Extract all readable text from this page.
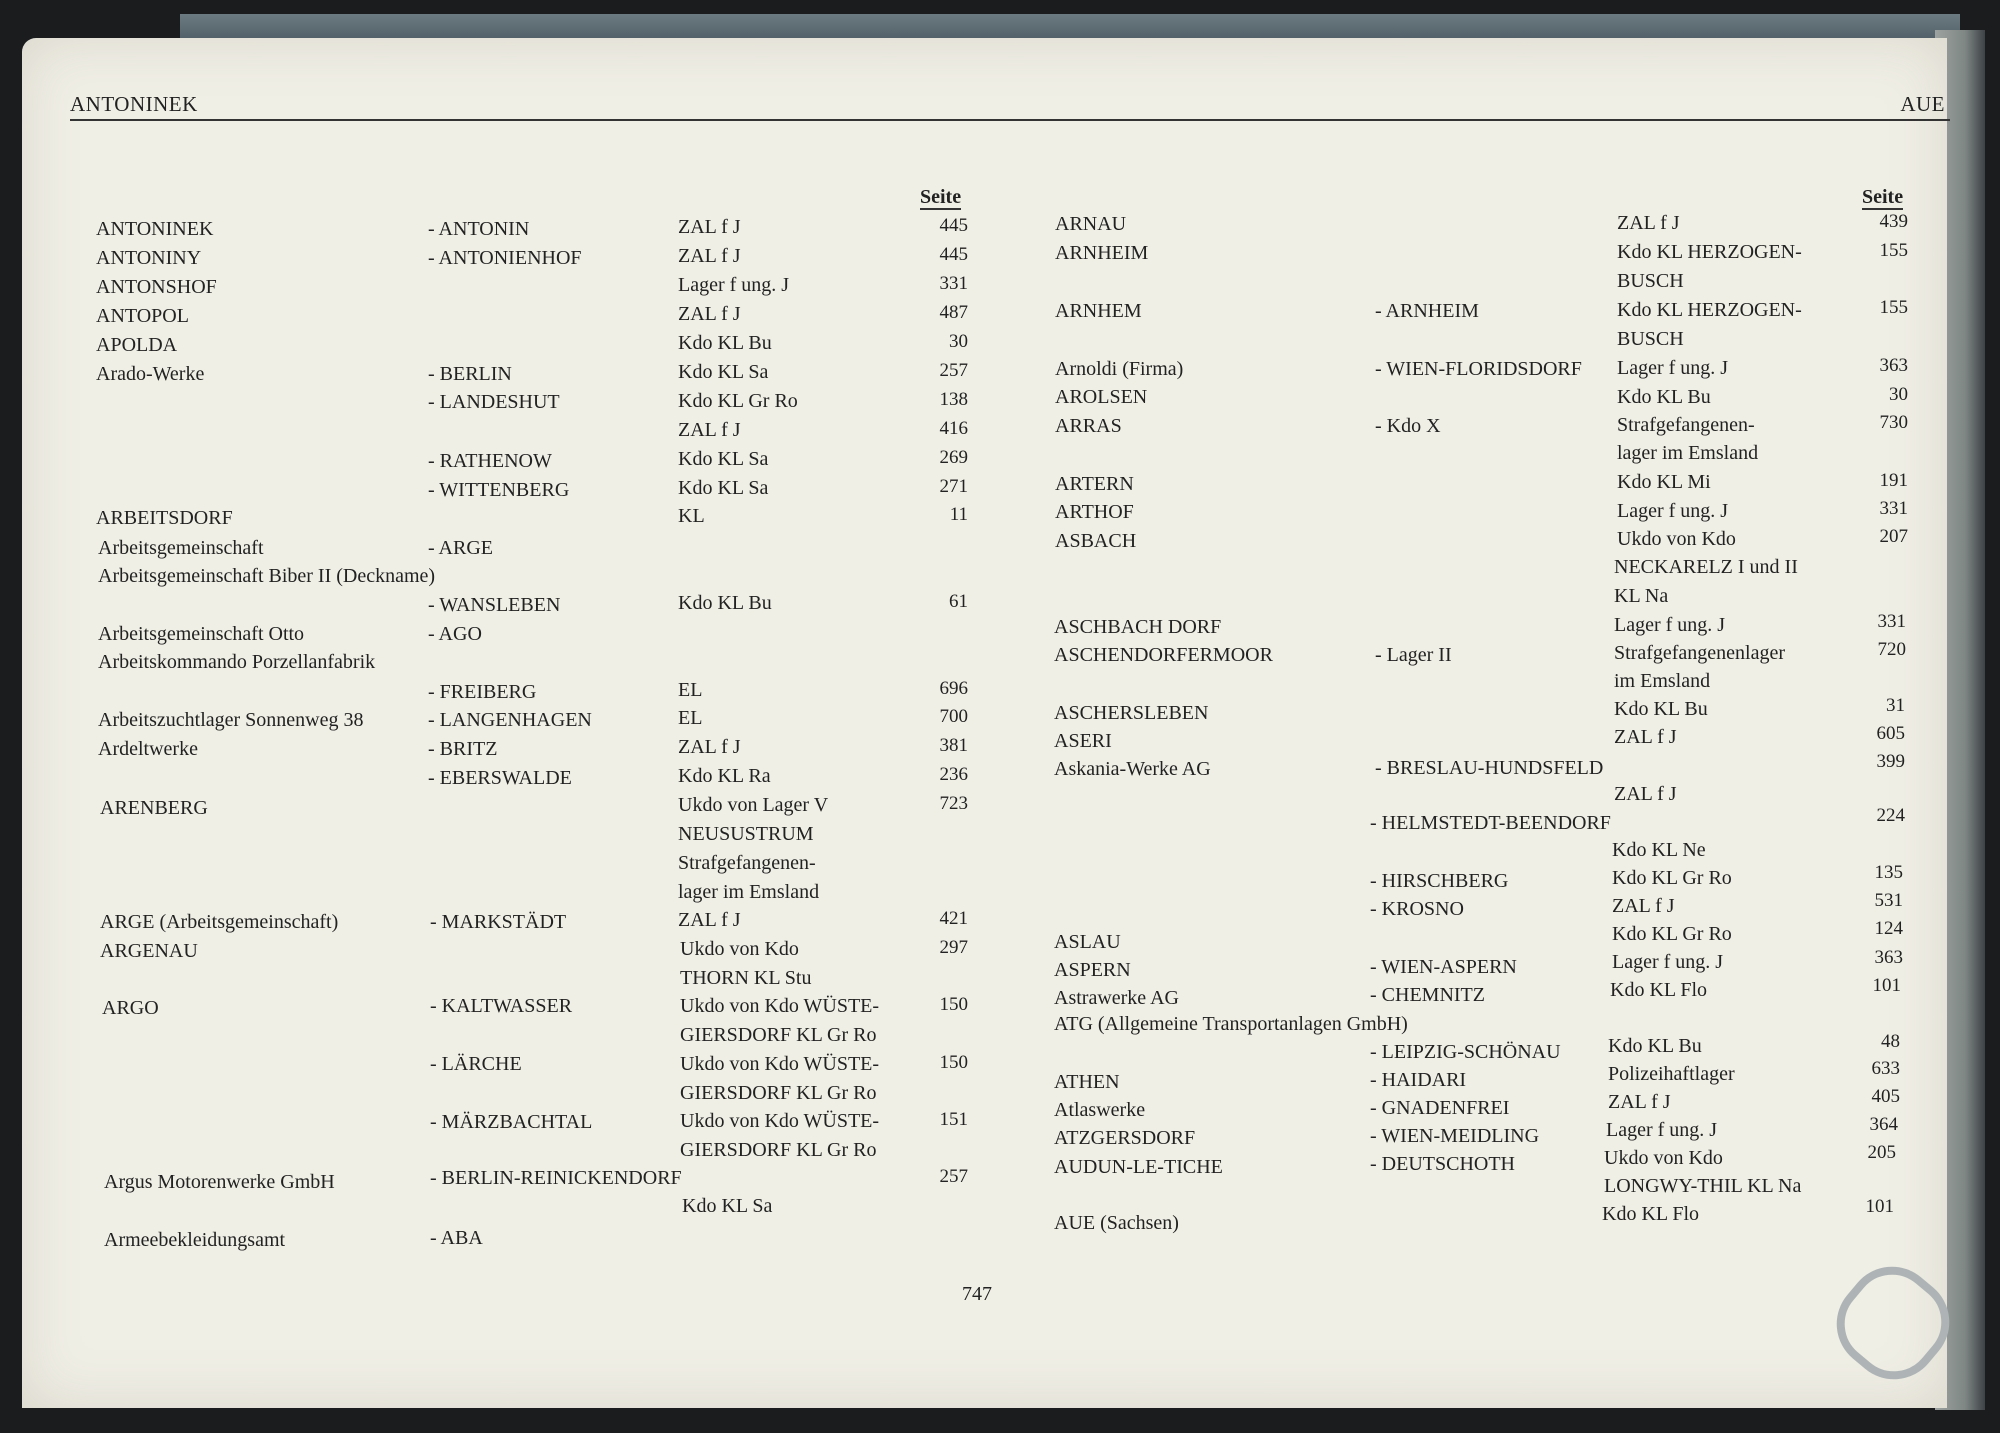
ANTONINEK	AUE
Seite	Seite
ANTONINEK
ANTONINY
ANTONSHOF
ANTOPOL
APOLDA
Arado-Werke
ARBEITSDORF
Arbeitsgemeinschaft
Arbeitsgemeinschaft Biber II (Deckname)
Arbeitsgemeinschaft Otto
Arbeitskommando Porzellanfabrik
Arbeitszuchtlager Sonnenweg 38
Ardeltwerke
ARENBERG
ARGE (Arbeitsgemeinschaft)
ARGENAU
ARGO
Argus Motorenwerke GmbH
Armeebekleidungsamt
- ANTONIN
- ANTONIENHOF
- BERLIN
- LANDESHUT
- RATHENOW
- WITTENBERG
- ARGE
- WANSLEBEN
- AGO
- FREIBERG
- LANGENHAGEN
- BRITZ
- EBERSWALDE
- MARKSTÄDT
- KALTWASSER
- LÄRCHE
- MÄRZBACHTAL
- BERLIN-REINICKENDORF
- ABA
ZAL f J
ZAL f J
Lager f ung. J
ZAL f J
Kdo KL Bu
Kdo KL Sa
Kdo KL Gr Ro
ZAL f J
Kdo KL Sa
Kdo KL Sa
KL
Kdo KL Bu
EL
EL
ZAL f J
Kdo KL Ra
Ukdo von Lager V
NEUSUSTRUM
Strafgefangenen-
lager im Emsland
ZAL f J
Ukdo von Kdo
THORN KL Stu
Ukdo von Kdo WÜSTE-
GIERSDORF KL Gr Ro
Ukdo von Kdo WÜSTE-
GIERSDORF KL Gr Ro
Ukdo von Kdo WÜSTE-
GIERSDORF KL Gr Ro
Kdo KL Sa
445
445
331
487
30
257
138
416
269
271
11
61
696
700
381
236
723
421
297
150
150
151
257
ARNAU
ARNHEIM
ARNHEM
Arnoldi (Firma)
AROLSEN
ARRAS
ARTERN
ARTHOF
ASBACH
ASCHBACH DORF
ASCHENDORFERMOOR
ASCHERSLEBEN
ASERI
Askania-Werke AG
ASLAU
ASPERN
Astrawerke AG
ATG (Allgemeine Transportanlagen GmbH)
ATHEN
Atlaswerke
ATZGERSDORF
AUDUN-LE-TICHE
AUE (Sachsen)
- ARNHEIM
- WIEN-FLORIDSDORF
- Kdo X
- Lager II
- BRESLAU-HUNDSFELD
- HELMSTEDT-BEENDORF
- HIRSCHBERG
- KROSNO
- WIEN-ASPERN
- CHEMNITZ
- LEIPZIG-SCHÖNAU
- HAIDARI
- GNADENFREI
- WIEN-MEIDLING
- DEUTSCHOTH
ZAL f J
Kdo KL HERZOGEN-
BUSCH
Kdo KL HERZOGEN-
BUSCH
Lager f ung. J
Kdo KL Bu
Strafgefangenen-
lager im Emsland
Kdo KL Mi
Lager f ung. J
Ukdo von Kdo
NECKARELZ I und II
KL Na
Lager f ung. J
Strafgefangenenlager
im Emsland
Kdo KL Bu
ZAL f J
ZAL f J
Kdo KL Ne
Kdo KL Gr Ro
ZAL f J
Kdo KL Gr Ro
Lager f ung. J
Kdo KL Flo
Kdo KL Bu
Polizeihaftlager
ZAL f J
Lager f ung. J
Ukdo von Kdo
LONGWY-THIL KL Na
Kdo KL Flo
439
155
155
363
30
730
191
331
207
331
720
31
605
399
224
135
531
124
363
101
48
633
405
364
205
101
747
